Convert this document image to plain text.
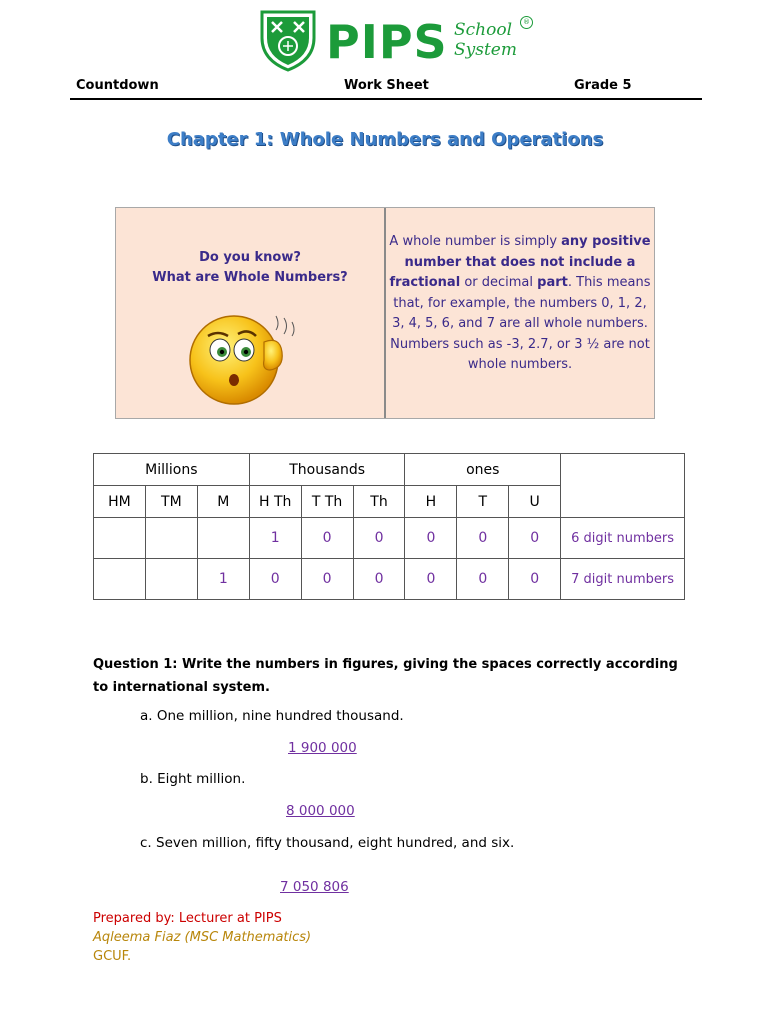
PIPS School
System
®
Countdown	Work Sheet	Grade 5
Chapter 1: Whole Numbers and Operations
Do you know?
What are Whole Numbers?
A whole number is simply any positive number that does not include a fractional or decimal part. This means that, for example, the numbers 0, 1, 2, 3, 4, 5, 6, and 7 are all whole numbers. Numbers such as -3, 2.7, or 3 ½ are not whole numbers.
Millions			Thousands			ones			
HM	TM	M	H Th	T Th	Th	H	T	U	
			1	0	0	0	0	0	6 digit numbers
		1	0	0	0	0	0	0	7 digit numbers
Question 1: Write the numbers in figures, giving the spaces correctly according to international system.
a. One million, nine hundred thousand.
1 900 000
b. Eight million.
8 000 000
c. Seven million, fifty thousand, eight hundred, and six.
7 050 806
Prepared by: Lecturer at PIPS
Aqleema Fiaz (MSC Mathematics)
GCUF.
